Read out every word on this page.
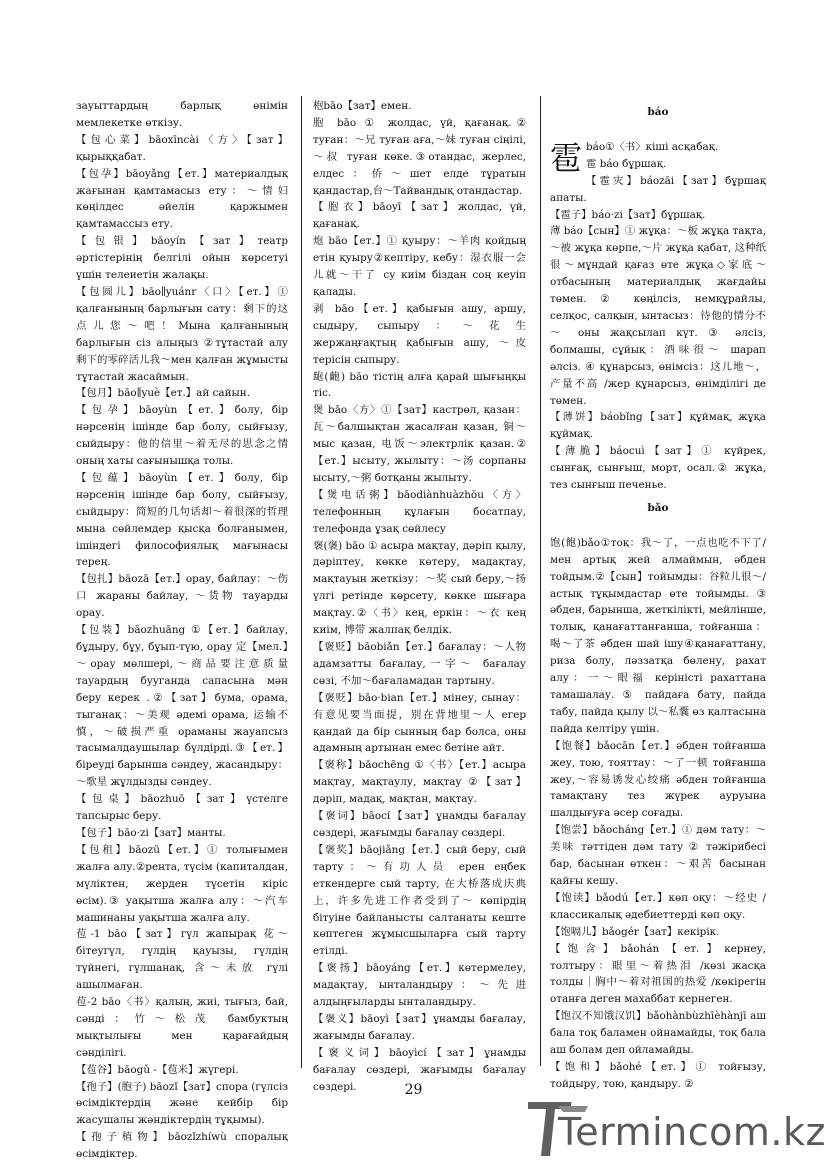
зауыттардың барлық өнімін мемлекетке өткізу.

【包心菜】bāoxīncài〈方〉【зат】қырыққабат.

【包孕】bāoyǎng【ет.】материалдық жағынан қамтамасыз ету：～情妇 көңілдес әйелін қаржымен қамтамассыз ету.

【包银】bāoyín【зат】театр әртістерінің белгілі ойын көрсетуі үшін телеиетін жалақы.

【包圆儿】bāo∥yuánr〈口〉【ет.】① қалғанының барлығын сату：剩下的这点儿您～吧！Мына қалғанының барлығын сіз алыңыз ②тұтастай алу 剩下的零碎活儿我～мен қалған жұмысты тұтастай жасаймын.

【包月】bāo∥yuè【ет.】ай сайын.

【包孕】bāoyùn【ет.】болу, бір нәрсенің ішінде бар болу, сыйғызу, сыйдыру：他的信里～着无尽的思念之情 оның хаты сағынышқа толы.

【包蕴】bāoyùn【ет.】болу, бір нәрсенің ішінде бар болу, сыйғызу, сыйдыру：简短的几句话却～着很深的哲理 мына сөйлемдер қысқа болғанымен, ішіндегі философиялық мағынасы терең.

【包扎】bāozā【ет.】орау, байлау：～伤口 жараны байлау, ～货物 тауарды орау.

【包装】bāozhuāng ①【ет.】байлау, бұдыру, бұу, бұып-түю, орау 定【мел.】～орау мөлшері,～商品要注意质量 тауардың бууганда сапасына мән беру керек .②【зат】бума, орама, тыганақ：～美观 әдемі орама, 运输不慎，～破损严重 ораманы жауапсыз тасымалдаушылар бүлдірді.③【ет.】біреуді барынша сәндеу, жасандыру：～歌星 жұлдызды сәндеу.

【包桌】bāozhuō【зат】үстелге тапсырыс беру.

【包子】bāo·zi【зат】манты.

【包租】bāozū【ет.】① толығымен жалға алу.②рента, түсім (капиталдан, мүліктен, жерден түсетін кіріс өсім).③ уақытша жалға алу：～汽车 машинаны уақытша жалға алу.

苞-1 bāo【зат】гүл жапырақ 花～бітеугүл, гүлдің қауызы, гүлдің түйнегі, гүлшанақ, 含～未放 гүлі ашылмаған.

苞-2 bāo〈书〉қалың, жиі, тығыз, бай, сәнді：竹～松茂 бамбуктың мықтылығы мен қарағайдың сәнділігі.

【苞谷】bāogǔ -【苞米】жүгері.

【孢子】(胞子) bāozǐ【зат】спора (гүлсіз өсімдіктердің және кейбір бір жасушалы жәндіктердің тұқымы).

【孢子植物】bāozǐzhíwù споралық өсімдіктер.

枹bāo【зат】емен.

胞 bāo ① жолдас, үй, қағанақ.② туған：～兄 туған аға,～妹 туған сіңілі, ～叔 туған көке.③отандас, жерлес, елдес：侨～шет елде тұратын қандастар,台～Тайвандық отандастар.

【胞衣】bāoyī【зат】жолдас, үй, қағанақ.

炮 bāo【ет.】① қуыру：～羊肉 қойдың етін қуыру②кептіру, кебу：湿衣服一会儿就～干了 су киім біздан соң кеуіп қалады.

剥 bāo【ет.】қабығын ашу, аршу, сыдыру, сыпыру：～花生 жержаңғақтың қабығын ашу, ～皮 терісін сыпыру.

龅(齙) bāo тістің алға қарай шығыңқы тіс.

煲 bāo〈方〉①【зат】кастрөл, қазан：瓦～балшықтан жасалған қазан, 铜～мыс қазан, 电饭～электрлік қазан.②【ет.】ысыту, жылыту：～汤 сорпаны ысыту,～粥 ботқаны жылыту.

【煲电话粥】bāodiànhuàzhōu〈方〉телефонның құлағын босатпау, телефонда ұзақ сөйлесу

褒(褒) bāo ① асыра мақтау, дәріп қылу, дәріптеу, көкке көтеру, мадақтау, мақтауын жеткізу：～奖 сый беру,～扬 үлгі ретінде көрсету, көкке шығара мақтау.②〈书〉кең, еркін：～衣 кең киім, 博带 жалпақ белдік.

【褒贬】bāobiǎn【ет.】бағалау：～人物 адамзатты бағалау,一字～ бағалау сөзі, 不加～бағаламадан тартыну.

【褒贬】bāo·bian【ет.】мінеу, сынау：有意见要当面提，别在背地里～人 егер қандай да бір сынның бар болса, оны адамның артынан емес бетіне айт.

【褒称】bāochēng ①〈书〉【ет.】асыра мақтау, мақтаулу, мақтау ②【зат】дәріп, мадақ, мақтан, мақтау.

【褒词】bāocí【зат】ұнамды бағалау сөздері, жағымды бағалау сөздері.

【褒奖】bāojiǎng【ет.】сый беру, сый тарту：～有功人员 ерен еңбек еткендерге сый тарту, 在大桥落成庆典上，许多先进工作者受到了～ көпірдің бітуіне байланысты салтанаты кеште көптеген жұмысшыларға сый тарту етілді.

【褒扬】bāoyáng【ет.】көтермелеу, мадақтау, ынталандыру：～先进 алдыңғыларды ынталандыру.

【褒义】bāoyì【зат】ұнамды бағалау, жағымды бағалау.

【褒义词】bāoyìcí【зат】ұнамды бағалау сөздері, жағымды бағалау сөздері.

báo

雹báo①〈书〉кіші асқабақ.

雹 báo бұршақ.

【雹灾】báozāi【зат】бұршақ апаты.

【雹子】báo·zi【зат】бұршақ.

薄 báo【сын】① жұқа：～板 жұқа тақта,～被 жұқа көрпе,～片 жұқа қабат, 这种纸很～мұндай қағаз өте жұқа◇家底～отбасының материалдық жағдайы төмен. ② көңілсіз, немқұрайлы, селқос, салқын, ынтасыз：待他的情分不～ оны жақсылап күт. ③ әлсіз, болмашы, сұйық：酒味很～ шарап әлсіз. ④ құнарсыз, өнімсіз：这儿地～，产量不高 /жер құнарсыз, өнімділігі де төмен.

【薄饼】báobǐng【зат】құймақ, жұқа құймақ.

【薄脆】báocuì【зат】① күйрек, сынғақ, сынғыш, морт, осал.② жұқа, тез сынғыш печенье.

bǎo

饱(飽)bǎo①тоқ：我～了，一点也吃不下了/мен артық жей алмаймын, әбден тойдым.②【сын】тойымды：谷粒儿很～/астық тұқымдастар өте тойымды. ③ әбден, барынша, жеткілікті, мейлінше, толық, қанағаттанғанша, тойғанша：喝～了茶 әбден шай ішу④қанағаттану, риза болу, ләззатқа бөлену, рахат алу：一～眼福 керіністі рахаттана тамашалау. ⑤ пайдаға бату, пайда табу, пайда қылу 以～私囊 өз қалтасына пайда келтіру үшін.

【饱餐】bǎocān【ет.】әбден тойғанша жеу, тою, тояттау：～了一顿 тойғанша жеу,～容易诱发心绞痛 әбден тойғанша тамақтану тез жүрек ауруына шалдығуға әсер соғады.

【饱尝】bǎocháng【ет.】① дәм тату：～美味 тәттіден дәм тату ② тәжірибесі бар, басынан өткен：～艰苦 басынан қайғы кешу.

【饱读】bǎodú【ет.】көп оқу：～经史 / классикалық әдебиеттерді көп оқу.

【饱嗝儿】bǎogér【зат】кекірік.

【饱含】bǎohán【ет.】кернеу, толтыру：眼里～着热泪 /көзі жасқа толды｜胸中～着对祖国的热爱 /көкірегін отанға деген махаббат кернеген.

【饱汉不知饿汉饥】bǎohànbùzhīèhànjī аш бала тоқ баламен ойнамайды, тоқ бала аш болам деп ойламайды.

【饱和】bǎohé【ет.】① тойғызу, тойдыру, тою, қандыру. ②

29
Termincom.kz
